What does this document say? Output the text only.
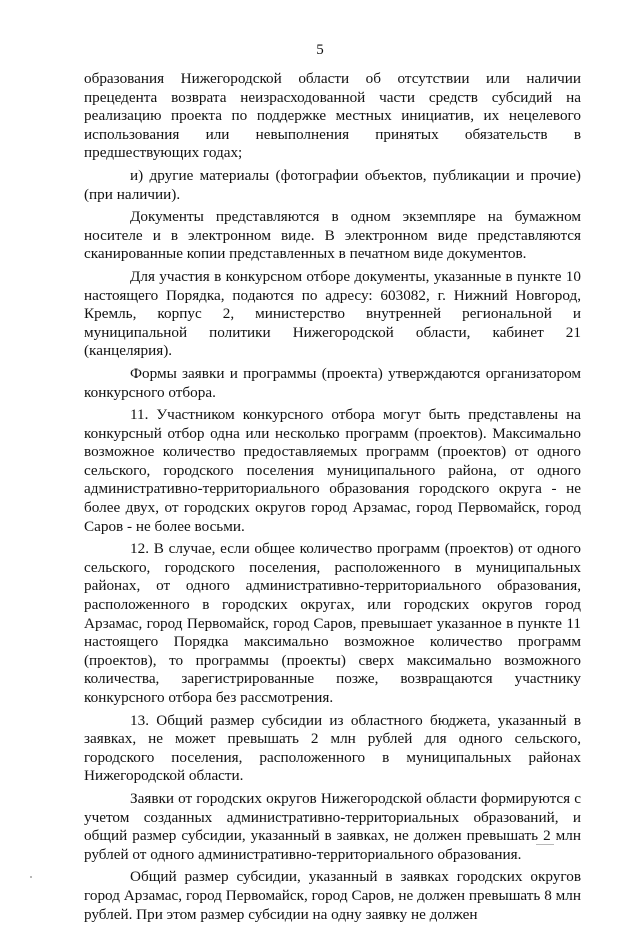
5

образования Нижегородской области об отсутствии или наличии прецедента возврата неизрасходованной части средств субсидий на реализацию проекта по поддержке местных инициатив, их нецелевого использования или невыполнения принятых обязательств в предшествующих годах;

и) другие материалы (фотографии объектов, публикации и прочие) (при наличии).

Документы представляются в одном экземпляре на бумажном носителе и в электронном виде. В электронном виде представляются сканированные копии представленных в печатном виде документов.

Для участия в конкурсном отборе документы, указанные в пункте 10 настоящего Порядка, подаются по адресу: 603082, г. Нижний Новгород, Кремль, корпус 2, министерство внутренней региональной и муниципальной политики Нижегородской области, кабинет 21 (канцелярия).

Формы заявки и программы (проекта) утверждаются организатором конкурсного отбора.

11. Участником конкурсного отбора могут быть представлены на конкурсный отбор одна или несколько программ (проектов). Максимально возможное количество предоставляемых программ (проектов) от одного сельского, городского поселения муниципального района, от одного административно-территориального образования городского округа - не более двух, от городских округов город Арзамас, город Первомайск, город Саров - не более восьми.

12. В случае, если общее количество программ (проектов) от одного сельского, городского поселения, расположенного в муниципальных районах, от одного административно-территориального образования, расположенного в городских округах, или городских округов город Арзамас, город Первомайск, город Саров, превышает указанное в пункте 11 настоящего Порядка максимально возможное количество программ (проектов), то программы (проекты) сверх максимально возможного количества, зарегистрированные позже, возвращаются участнику конкурсного отбора без рассмотрения.

13. Общий размер субсидии из областного бюджета, указанный в заявках, не может превышать 2 млн рублей для одного сельского, городского поселения, расположенного в муниципальных районах Нижегородской области.

Заявки от городских округов Нижегородской области формируются с учетом созданных административно-территориальных образований, и общий размер субсидии, указанный в заявках, не должен превышать 2 млн рублей от одного административно-территориального образования.

Общий размер субсидии, указанный в заявках городских округов город Арзамас, город Первомайск, город Саров, не должен превышать 8 млн рублей. При этом размер субсидии на одну заявку не должен
